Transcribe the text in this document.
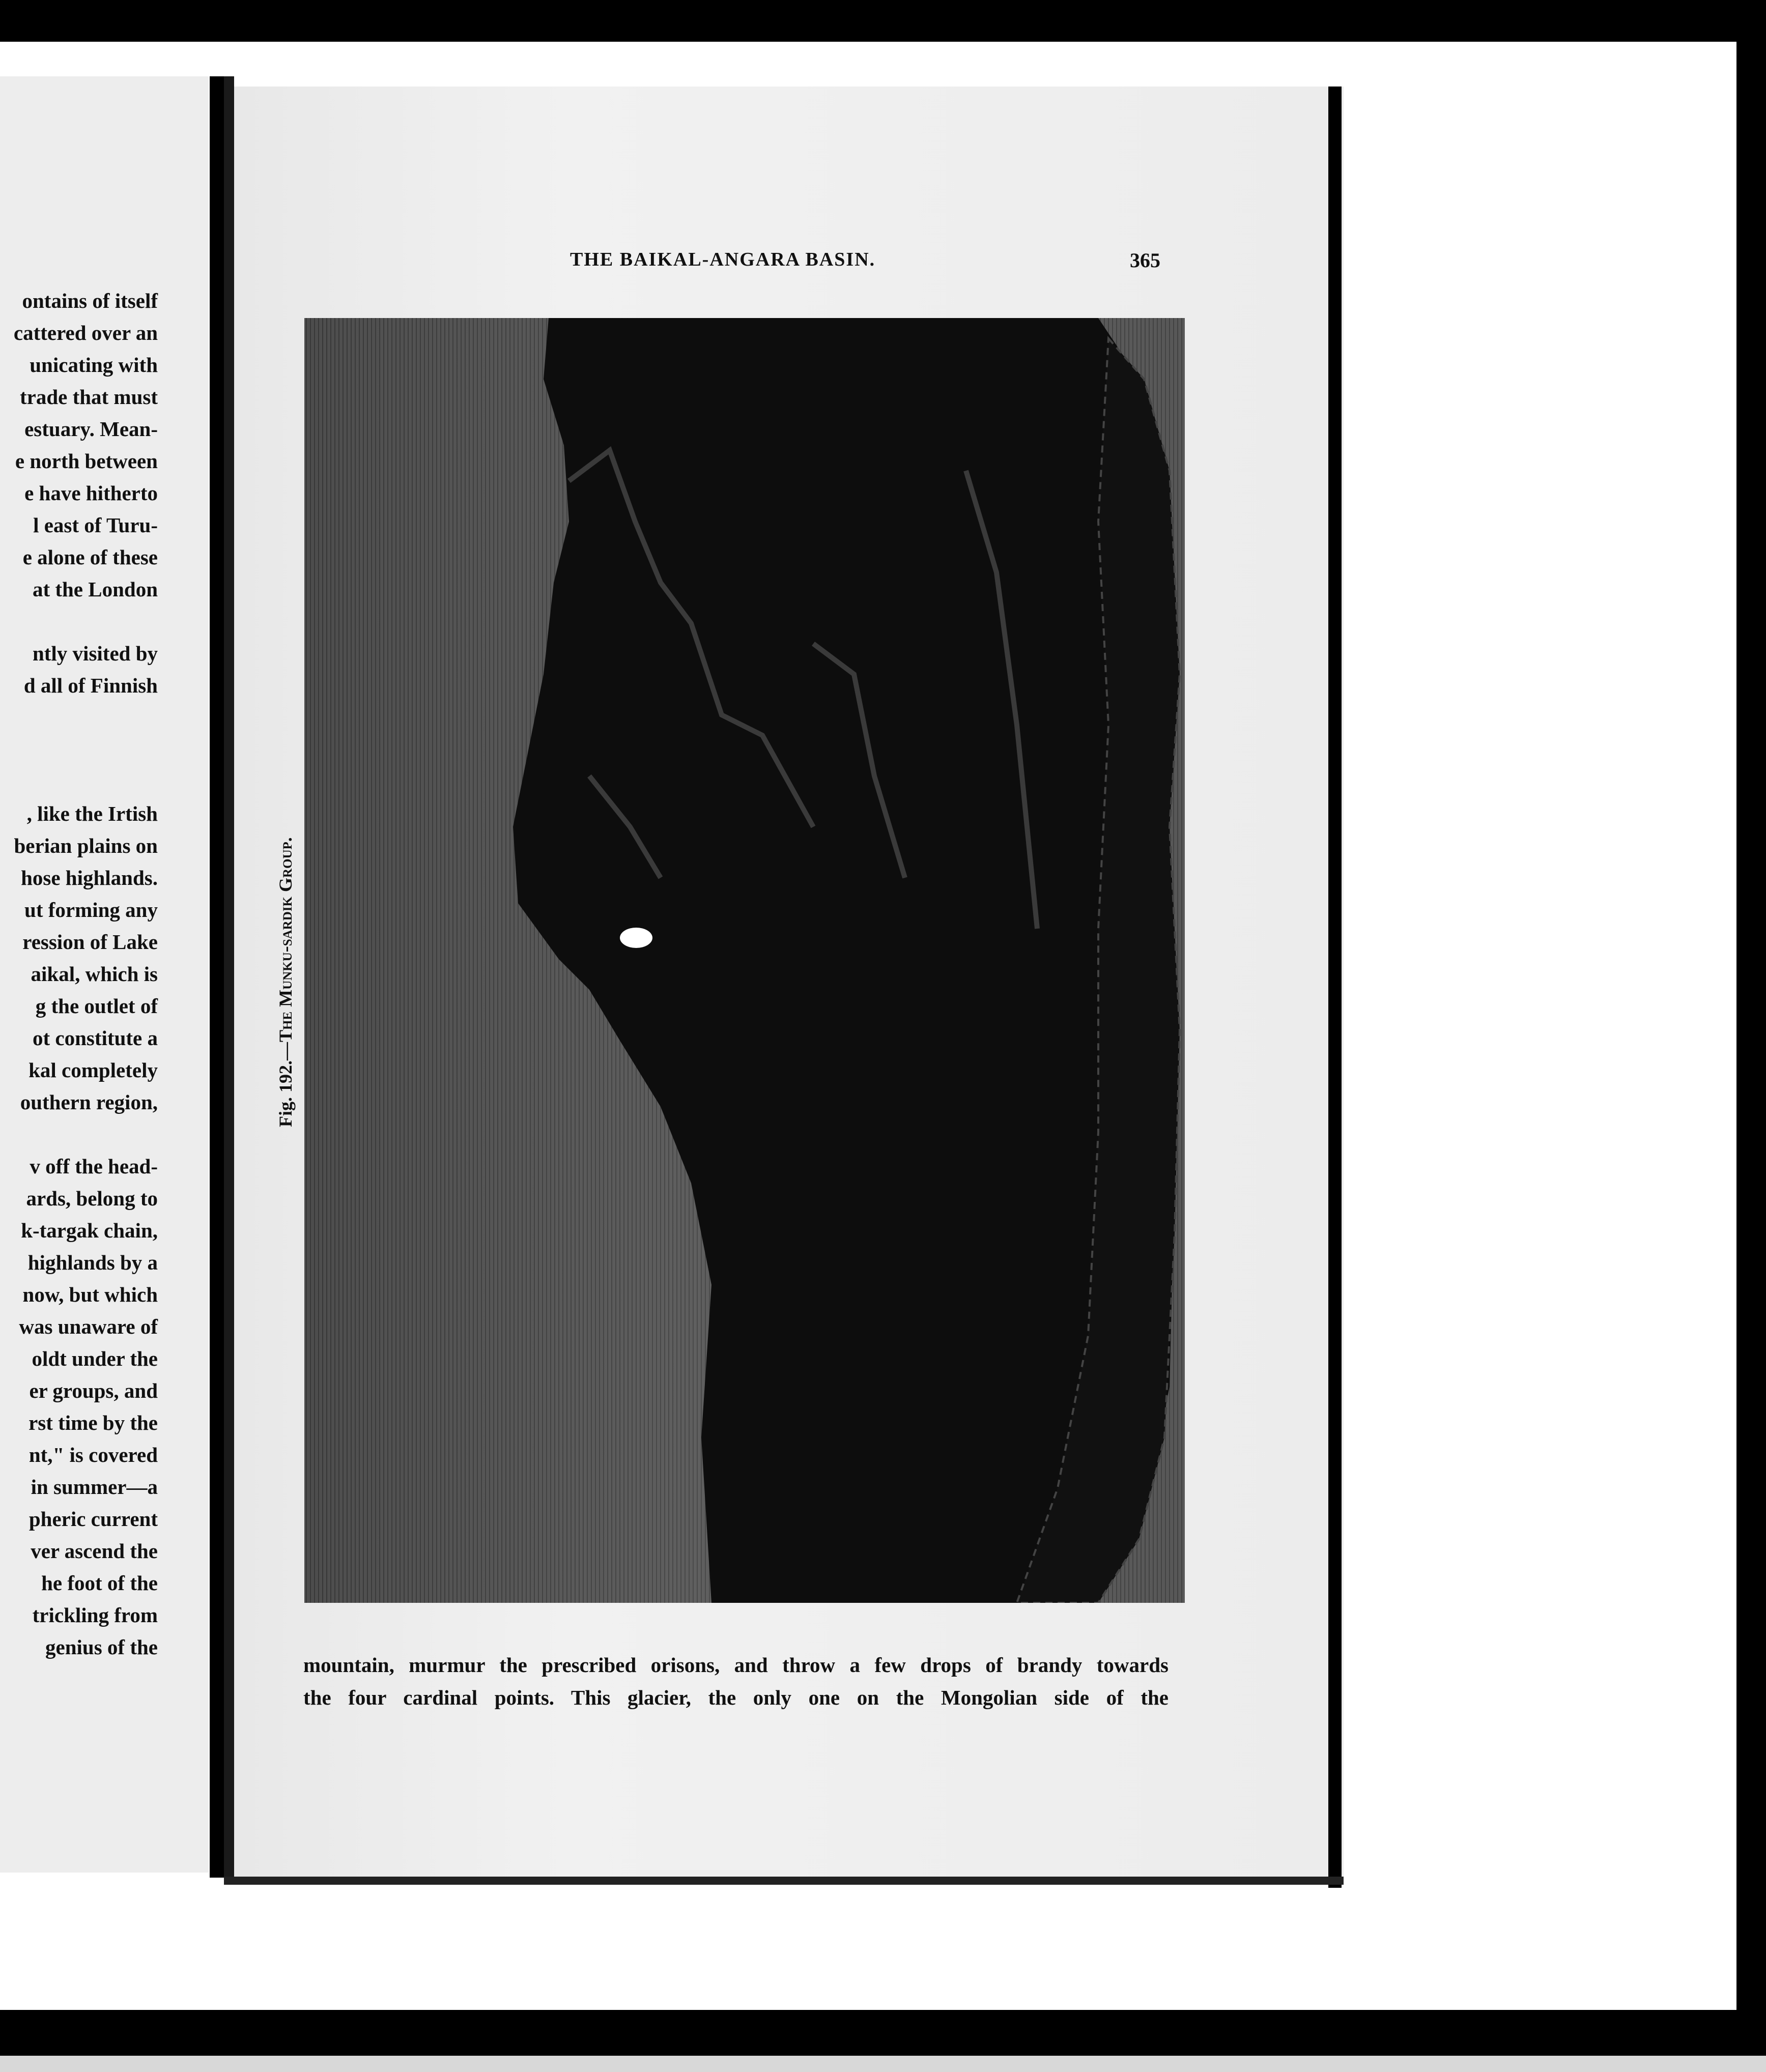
ontains of itself
cattered over an
unicating with
trade that must
estuary. Mean-
e north between
e have hitherto
l east of Turu-
e alone of these
at the London
ntly visited by
d all of Finnish
, like the Irtish
berian plains on
hose highlands.
ut forming any
ression of Lake
aikal, which is
g the outlet of
ot constitute a
kal completely
outhern region,
v off the head-
ards, belong to
k-targak chain,
highlands by a
now, but which
was unaware of
oldt under the
er groups, and
rst time by the
nt," is covered
in summer—a
pheric current
ver ascend the
he foot of the
trickling from
genius of the
THE BAIKAL-ANGARA BASIN.	365
Fig. 192.—The Munku-sardik Group.
mountain, murmur the prescribed orisons, and throw a few drops of brandy towards
the four cardinal points. This glacier, the only one on the Mongolian side of the
